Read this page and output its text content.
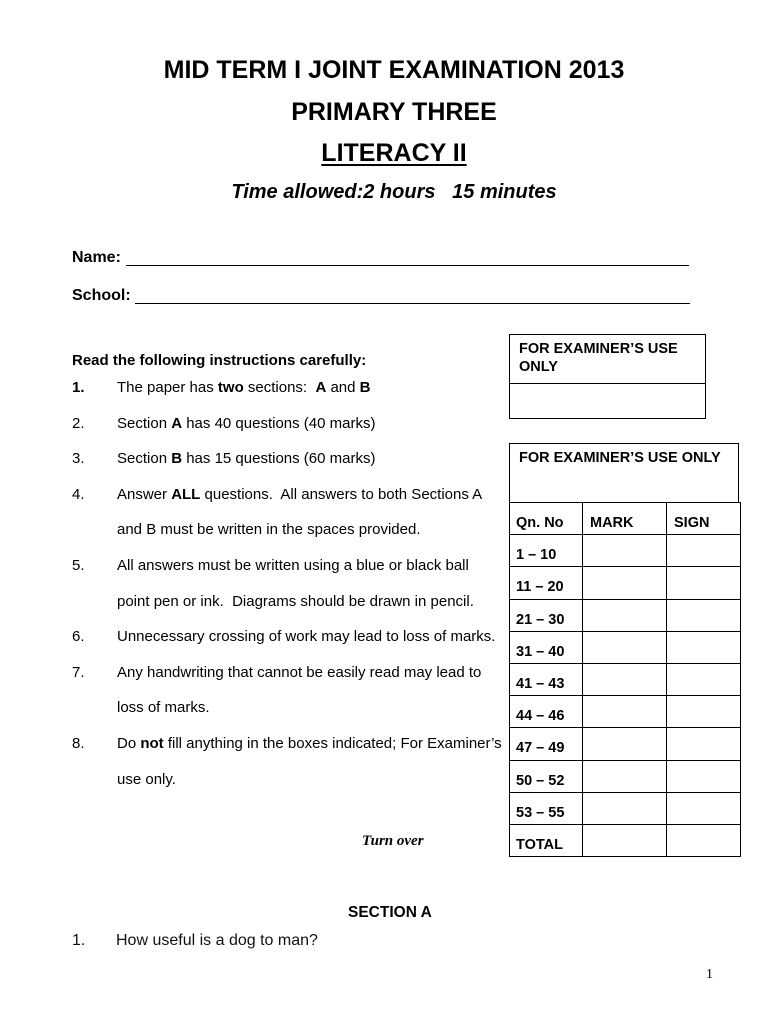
MID TERM I JOINT EXAMINATION 2013
PRIMARY THREE
LITERACY II
Time allowed:2 hours   15 minutes
Name:
School:
Read the following instructions carefully:
1. The paper has two sections:  A and B
2. Section A has 40 questions (40 marks)
3. Section B has 15 questions (60 marks)
4. Answer ALL questions.  All answers to both Sections A
and B must be written in the spaces provided.
5. All answers must be written using a blue or black ball
point pen or ink.  Diagrams should be drawn in pencil.
6. Unnecessary crossing of work may lead to loss of marks.
7. Any handwriting that cannot be easily read may lead to
loss of marks.
8. Do not fill anything in the boxes indicated; For Examiner’s
use only.
Turn over
FOR EXAMINER’S USE ONLY
FOR EXAMINER’S USE ONLY
Qn. No	MARK	SIGN
1 – 10		
11 – 20		
21 – 30		
31 – 40		
41 – 43		
44 – 46		
47 – 49		
50 – 52		
53 – 55		
TOTAL		
SECTION A
1. How useful is a dog to man?
1
